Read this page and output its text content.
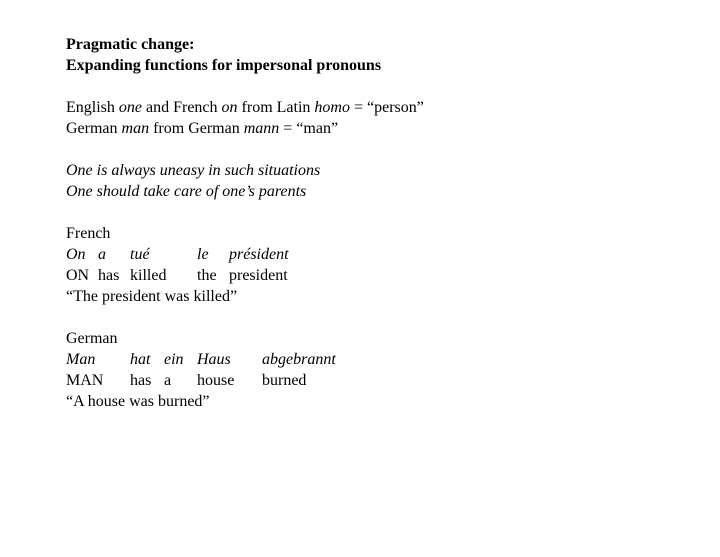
Pragmatic change:
Expanding functions for impersonal pronouns
English one and French on from Latin homo = “person”
German man from German mann = “man”
One is always uneasy in such situations
One should take care of one’s parents
French
On a tué	le président
ON has killed the president
“The president was killed”
German
Man hat ein Haus abgebrannt
MAN has a house burned
“A house was burned”
